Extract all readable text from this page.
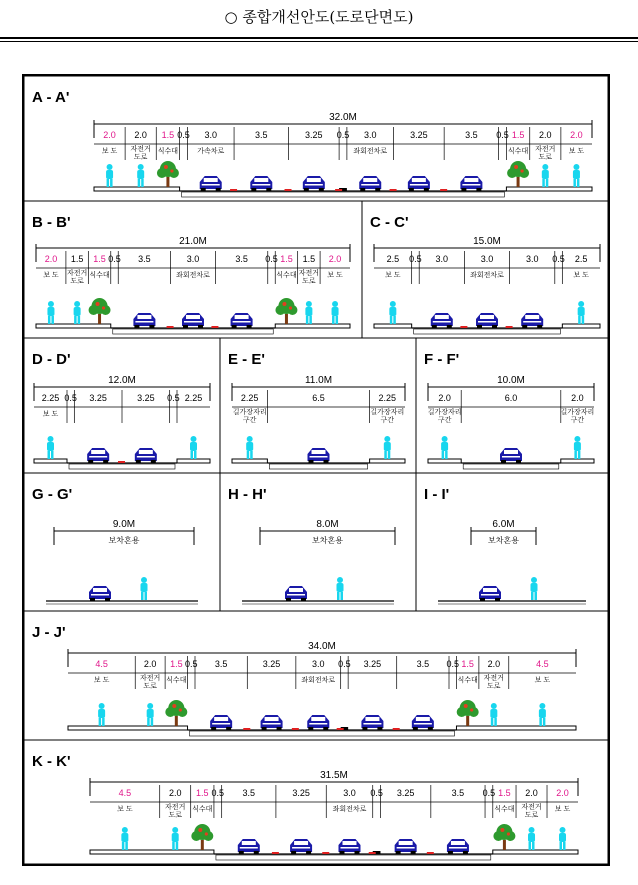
○ 종합개선안도(도로단면도)
A - A'
32.0M
2.0
보 도
2.0
자전거 도로
1.5
식수대
0.5 3.0
가속차로
3.5	3.25 0.5 3.0
좌회전차로
3.25	3.5 0.5 1.5
식수대
2.0
자전거 도로
2.0
보 도
B - B'
21.0M
2.0
보 도
1.5
자전거 도로
1.5
식수대
0.5 3.5	3.0
좌회전차로
3.5 0.5 1.5
식수대
1.5
자전거 도로
2.0
보 도
C - C'
15.0M
2.5
보 도
0.5 3.0	3.0
좌회전차로
3.0 0.5 2.5
보 도
D - D'
12.0M
2.25
보 도
0.5 3.25	3.25 0.5 2.25
E - E'
11.0M
2.25
길가장자리 구간
6.5	2.25
길가장자리 구간
F - F'
10.0M
2.0
길가장자리 구간
6.0	2.0
길가장자리 구간
G - G'
9.0M
보차혼용
H - H'
8.0M
보차혼용
I - I'
6.0M
보차혼용
J - J'
34.0M
4.5
보 도
2.0
자전거 도로
1.5
식수대
0.5 3.5	3.25	3.0
좌회전차로
0.5 3.25	3.5 0.5 1.5
식수대
2.0
자전거 도로
4.5
보 도
K - K'
31.5M
4.5
보 도
2.0
자전거 도로
1.5
식수대
0.5 3.5	3.25	3.0
좌회전차로
0.5 3.25	3.5 0.5 1.5
식수대
2.0
자전거 도로
2.0
보 도
